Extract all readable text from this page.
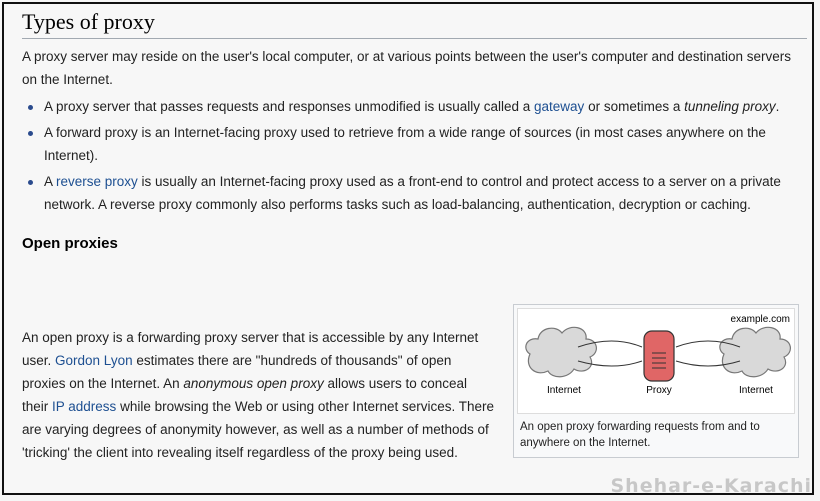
Types of proxy

A proxy server may reside on the user's local computer, or at various points between the user's computer and destination servers on the Internet.

A proxy server that passes requests and responses unmodified is usually called a gateway or sometimes a tunneling proxy.
A forward proxy is an Internet-facing proxy used to retrieve from a wide range of sources (in most cases anywhere on the Internet).
A reverse proxy is usually an Internet-facing proxy used as a front-end to control and protect access to a server on a private network. A reverse proxy commonly also performs tasks such as load-balancing, authentication, decryption or caching.
Open proxies

An open proxy is a forwarding proxy server that is accessible by any Internet user. Gordon Lyon estimates there are "hundreds of thousands" of open proxies on the Internet. An anonymous open proxy allows users to conceal their IP address while browsing the Web or using other Internet services. There are varying degrees of anonymity however, as well as a number of methods of 'tricking' the client into revealing itself regardless of the proxy being used.

example.com
Internet	Internet
Proxy
An open proxy forwarding requests from and to anywhere on the Internet.
Shehar-e-Karachi
